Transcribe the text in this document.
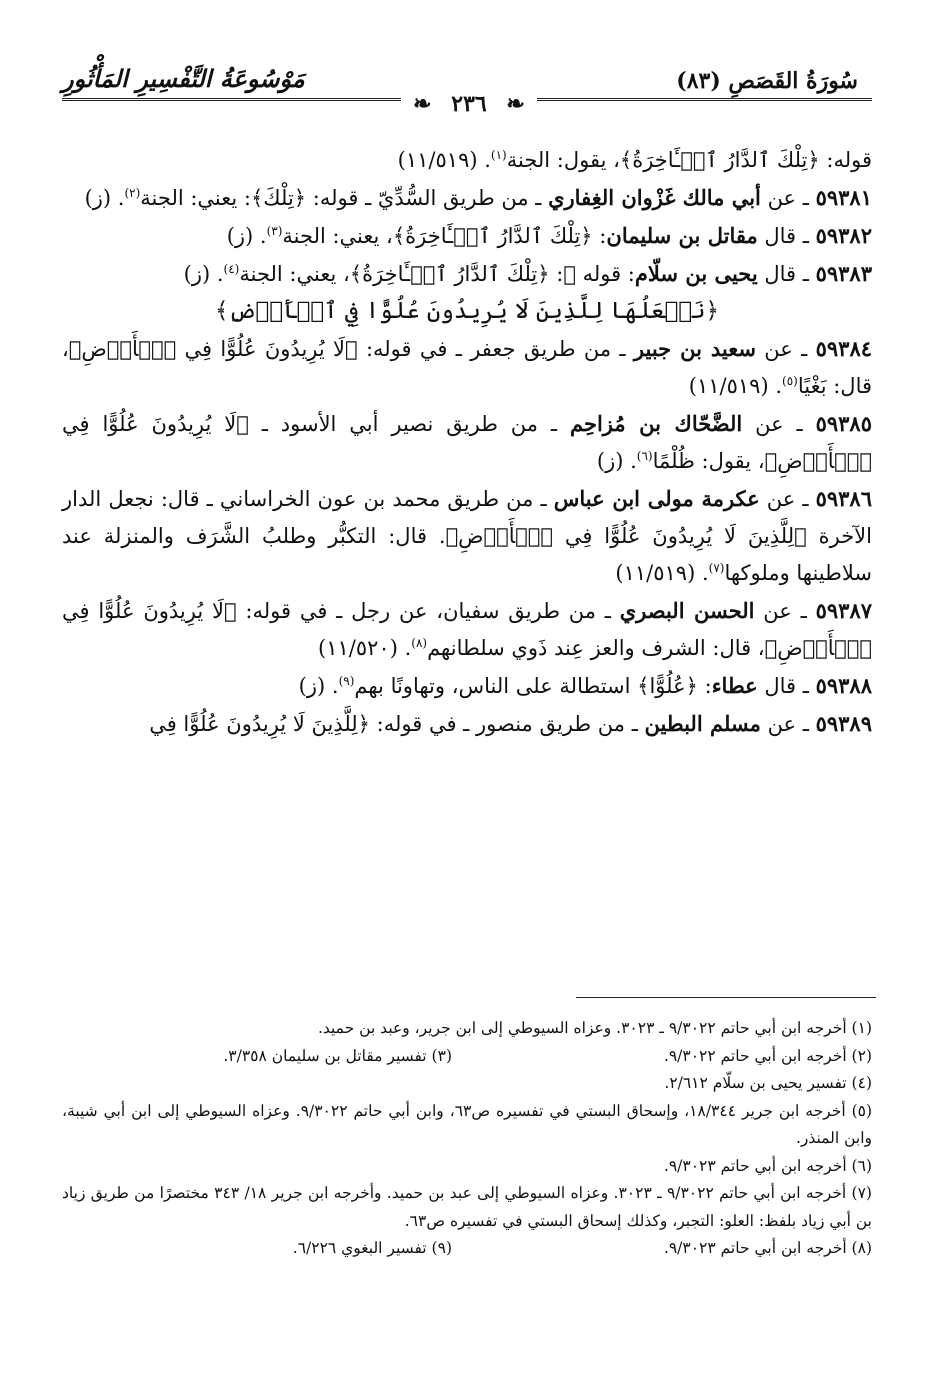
سُورَةُ القَصَصِ (٨٣)
مَوْسُوعَةُ التَّفْسِيرِ المَأْثُورِ
❧ ٢٣٦ ❧

قوله: ﴿تِلْكَ ٱلدَّارُ ٱلۡـَٔاخِرَةُ﴾، يقول: الجنة$^{(١)}$. (١١/٥١٩)

٥٩٣٨١ ـ عن أبي مالك غَزْوان الغِفاري ـ من طريق السُّدِّيّ ـ قوله: ﴿تِلْكَ﴾: يعني: الجنة$^{(٢)}$. (ز)

٥٩٣٨٢ ـ قال مقاتل بن سليمان: ﴿تِلْكَ ٱلدَّارُ ٱلۡـَٔاخِرَةُ﴾، يعني: الجنة$^{(٣)}$. (ز)

٥٩٣٨٣ ـ قال يحيى بن سلّام: قوله ﷻ: ﴿تِلْكَ ٱلدَّارُ ٱلۡـَٔاخِرَةُ﴾، يعني: الجنة$^{(٤)}$. (ز)

﴿نَجۡعَلُهَا لِلَّذِينَ لَا يُرِيدُونَ عُلُوًّا فِي ٱلۡأَرۡضِ﴾

٥٩٣٨٤ ـ عن سعيد بن جبير ـ من طريق جعفر ـ في قوله: ﴿لَا يُرِيدُونَ عُلُوًّا فِي ٱلۡأَرۡضِ﴾، قال: بَغْيًا$^{(٥)}$. (١١/٥١٩)

٥٩٣٨٥ ـ عن الضَّحّاك بن مُزاحِم ـ من طريق نصير أبي الأسود ـ ﴿لَا يُرِيدُونَ عُلُوًّا فِي ٱلۡأَرۡضِ﴾، يقول: ظُلْمًا$^{(٦)}$. (ز)

٥٩٣٨٦ ـ عن عكرمة مولى ابن عباس ـ من طريق محمد بن عون الخراساني ـ قال: نجعل الدار الآخرة ﴿لِلَّذِينَ لَا يُرِيدُونَ عُلُوًّا فِي ٱلۡأَرۡضِ﴾. قال: التكبُّر وطلبُ الشَّرَف والمنزلة عند سلاطينها وملوكها$^{(٧)}$. (١١/٥١٩)

٥٩٣٨٧ ـ عن الحسن البصري ـ من طريق سفيان، عن رجل ـ في قوله: ﴿لَا يُرِيدُونَ عُلُوًّا فِي ٱلۡأَرۡضِ﴾، قال: الشرف والعز عِند ذَوي سلطانهم$^{(٨)}$. (١١/٥٢٠)

٥٩٣٨٨ ـ قال عطاء: ﴿عُلُوًّا﴾ استطالة على الناس، وتهاونًا بهم$^{(٩)}$. (ز)

٥٩٣٨٩ ـ عن مسلم البطين ـ من طريق منصور ـ في قوله: ﴿لِلَّذِينَ لَا يُرِيدُونَ عُلُوًّا فِي

(١) أخرجه ابن أبي حاتم ٩/٣٠٢٢ ـ ٣٠٢٣. وعزاه السيوطي إلى ابن جرير، وعبد بن حميد.

(٢) أخرجه ابن أبي حاتم ٩/٣٠٢٢.
(٣) تفسير مقاتل بن سليمان ٣/٣٥٨.

(٤) تفسير يحيى بن سلّام ٢/٦١٢.

(٥) أخرجه ابن جرير ١٨/٣٤٤، وإسحاق البستي في تفسيره ص٦٣، وابن أبي حاتم ٩/٣٠٢٢. وعزاه السيوطي إلى ابن أبي شيبة، وابن المنذر.

(٦) أخرجه ابن أبي حاتم ٩/٣٠٢٣.

(٧) أخرجه ابن أبي حاتم ٩/٣٠٢٢ ـ ٣٠٢٣. وعزاه السيوطي إلى عبد بن حميد. وأخرجه ابن جرير ١٨/ ٣٤٣ مختصرًا من طريق زياد بن أبي زياد بلفظ: العلو: التجبر، وكذلك إسحاق البستي في تفسيره ص٦٣.

(٨) أخرجه ابن أبي حاتم ٩/٣٠٢٣.
(٩) تفسير البغوي ٦/٢٢٦.
